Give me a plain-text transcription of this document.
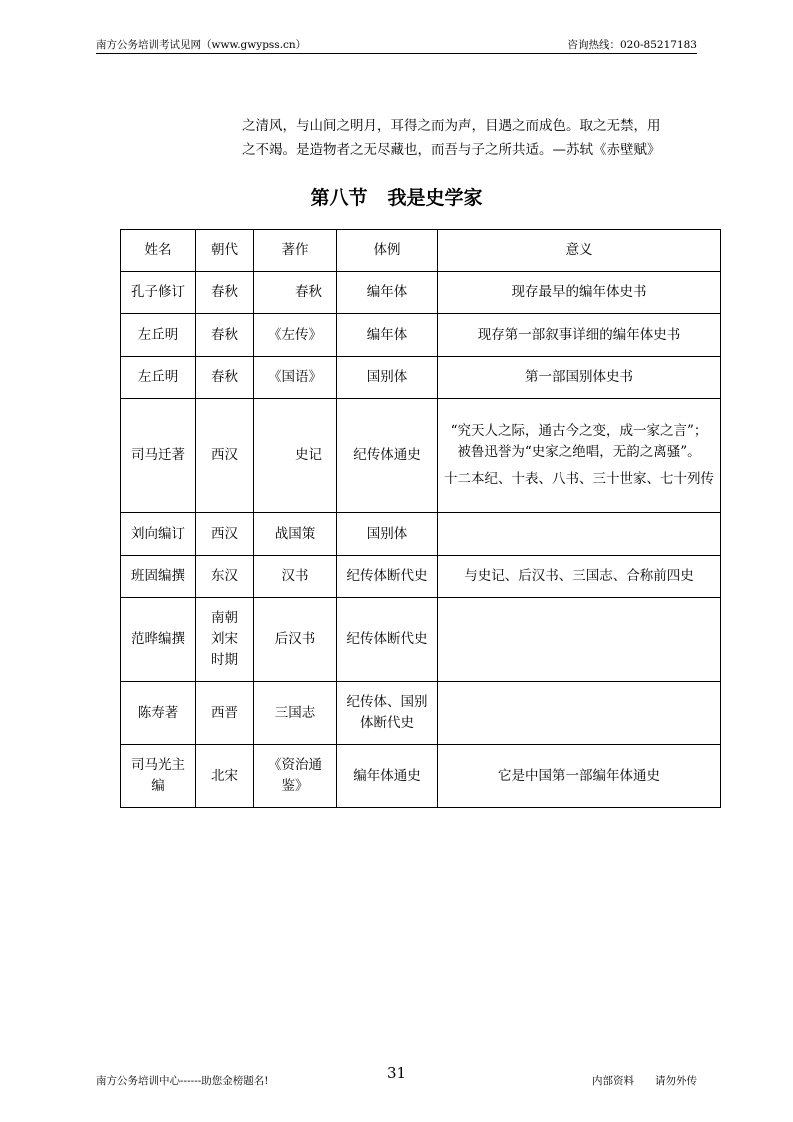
南方公务培训考试见网（www.gwypss.cn）	咨询热线：020-85217183

之清风，与山间之明月，耳得之而为声，目遇之而成色。取之无禁，用

之不竭。是造物者之无尽藏也，而吾与子之所共适。—苏轼《赤壁赋》

第八节 我是史学家
姓名	朝代	著作	体例	意义
孔子修订	春秋	春秋	编年体	现存最早的编年体史书
左丘明	春秋	《左传》	编年体	现存第一部叙事详细的编年体史书
左丘明	春秋	《国语》	国别体	第一部国别体史书
司马迁著	西汉	史记	纪传体通史	“究天人之际，通古今之变，成一家之言”；被鲁迅誉为“史家之绝唱，无韵之离骚”。

十二本纪、十表、八书、三十世家、七十列传

刘向编订	西汉	战国策	国别体	
班固编撰	东汉	汉书	纪传体断代史	与史记、后汉书、三国志、合称前四史
范晔编撰	南朝刘宋时期	后汉书	纪传体断代史	
陈寿著	西晋	三国志	纪传体、国别体断代史	
司马光主编	北宋	《资治通鉴》	编年体通史	它是中国第一部编年体通史
31
南方公务培训中心------助您金榜题名!	内部资料　　请勿外传
